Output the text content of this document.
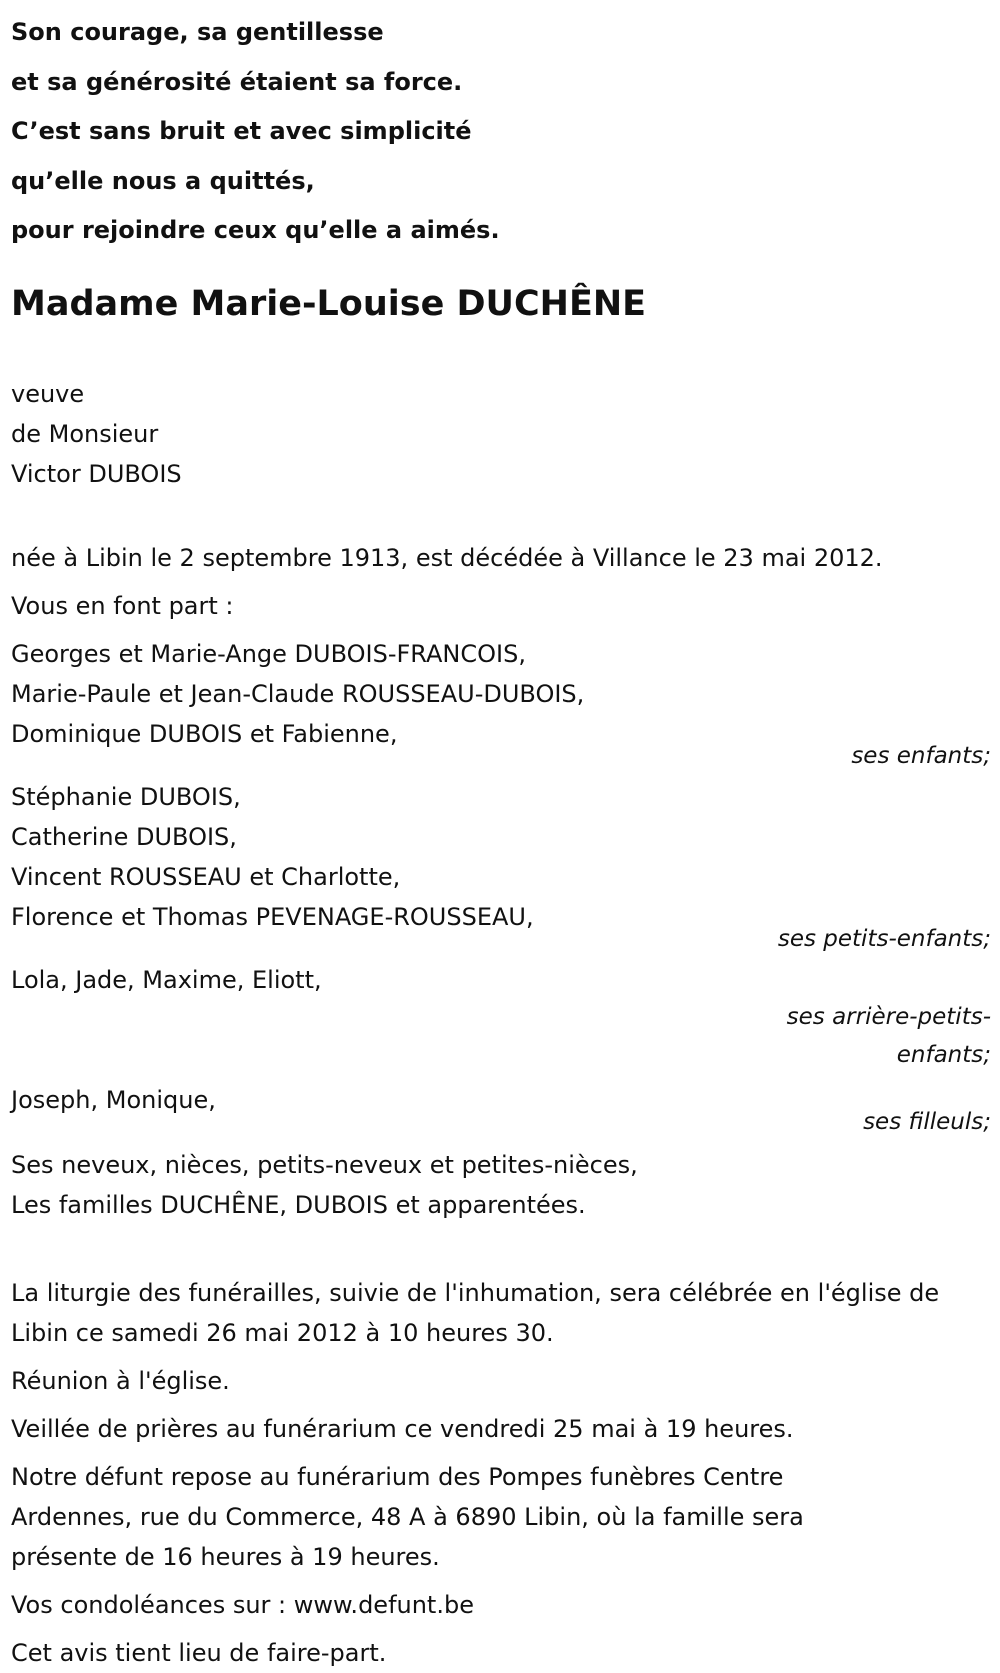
Son courage, sa gentillesse
et sa générosité étaient sa force.
C’est sans bruit et avec simplicité
qu’elle nous a quittés,
pour rejoindre ceux qu’elle a aimés.
Madame Marie-Louise DUCHÊNE
veuve
de Monsieur
Victor DUBOIS
née à Libin le 2 septembre 1913, est décédée à Villance le 23 mai 2012.
Vous en font part :
Georges et Marie-Ange DUBOIS-FRANCOIS,
Marie-Paule et Jean-Claude ROUSSEAU-DUBOIS,
Dominique DUBOIS et Fabienne,
ses enfants;
Stéphanie DUBOIS,
Catherine DUBOIS,
Vincent ROUSSEAU et Charlotte,
Florence et Thomas PEVENAGE-ROUSSEAU,
ses petits-enfants;
Lola, Jade, Maxime, Eliott,
ses arrière-petits-
enfants;
Joseph, Monique,
ses filleuls;
Ses neveux, nièces, petits-neveux et petites-nièces,
Les familles DUCHÊNE, DUBOIS et apparentées.
La liturgie des funérailles, suivie de l'inhumation, sera célébrée en l'église de Libin ce samedi 26 mai 2012 à 10 heures 30.
Réunion à l'église.
Veillée de prières au funérarium ce vendredi 25 mai à 19 heures.
Notre défunt repose au funérarium des Pompes funèbres Centre Ardennes, rue du Commerce, 48 A à 6890 Libin, où la famille sera présente de 16 heures à 19 heures.
Vos condoléances sur : www.defunt.be
Cet avis tient lieu de faire-part.
